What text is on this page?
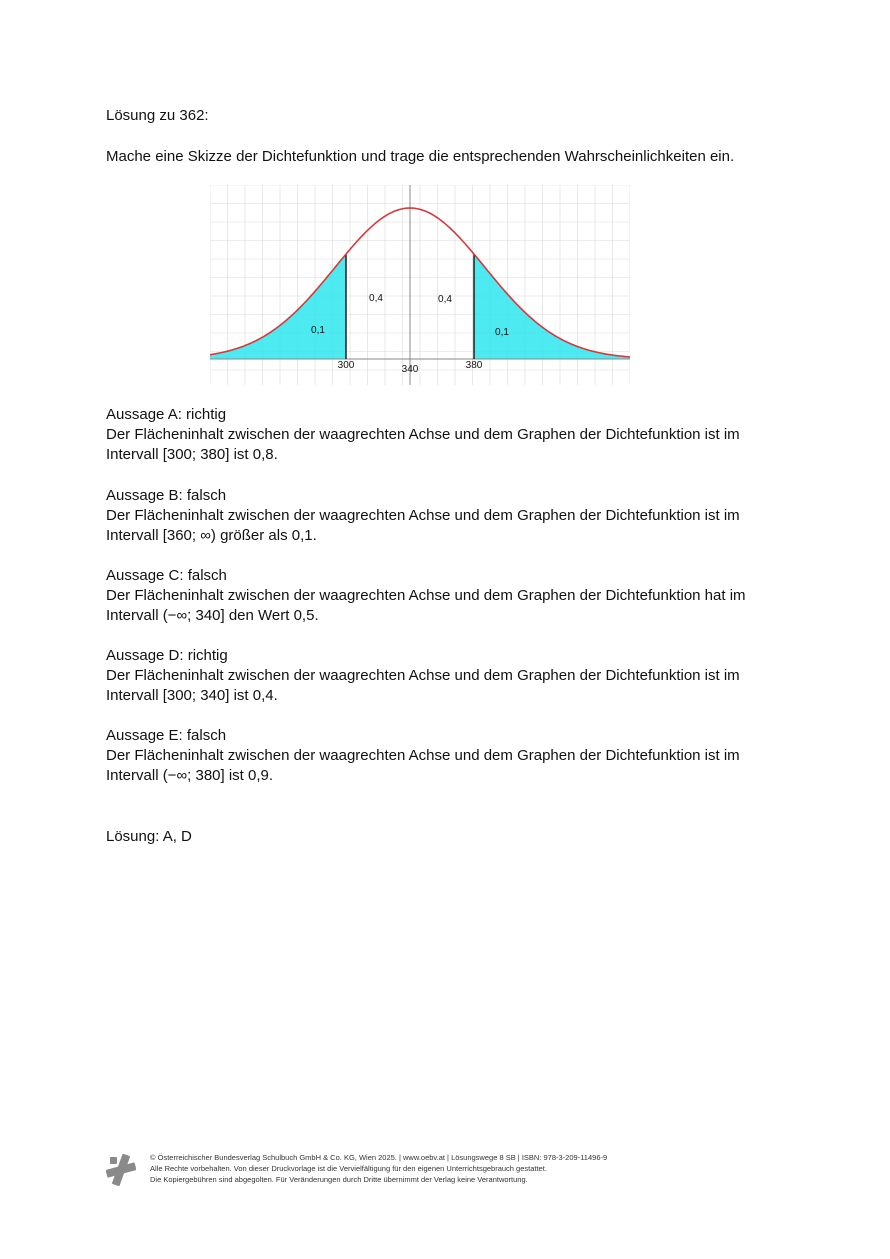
Lösung zu 362:

Mache eine Skizze der Dichtefunktion und trage die entsprechenden Wahrscheinlichkeiten ein.

300	340	380
0,1
0,4	0,4
0,1
Aussage A: richtig
Der Flächeninhalt zwischen der waagrechten Achse und dem Graphen der Dichtefunktion ist im
Intervall [300; 380] ist 0,8.
Aussage B: falsch
Der Flächeninhalt zwischen der waagrechten Achse und dem Graphen der Dichtefunktion ist im
Intervall [360; ∞) größer als 0,1.
Aussage C: falsch
Der Flächeninhalt zwischen der waagrechten Achse und dem Graphen der Dichtefunktion hat im
Intervall (−∞; 340] den Wert 0,5.
Aussage D: richtig
Der Flächeninhalt zwischen der waagrechten Achse und dem Graphen der Dichtefunktion ist im
Intervall [300; 340] ist 0,4.
Aussage E: falsch
Der Flächeninhalt zwischen der waagrechten Achse und dem Graphen der Dichtefunktion ist im
Intervall (−∞; 380] ist 0,9.

Lösung: A, D

© Österreichischer Bundesverlag Schulbuch GmbH & Co. KG, Wien 2025. | www.oebv.at | Lösungswege 8 SB | ISBN: 978-3-209-11496-9
Alle Rechte vorbehalten. Von dieser Druckvorlage ist die Vervielfältigung für den eigenen Unterrichtsgebrauch gestattet.
Die Kopiergebühren sind abgegolten. Für Veränderungen durch Dritte übernimmt der Verlag keine Verantwortung.
